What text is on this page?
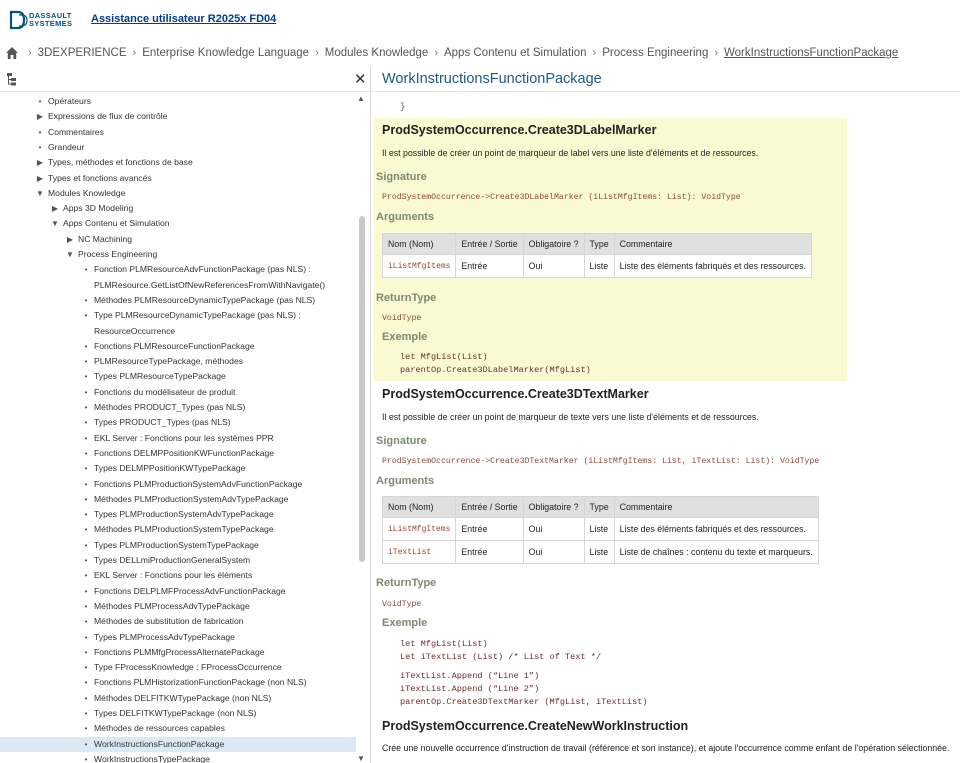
DASSAULT
SYSTEMES Assistance utilisateur R2025x FD04
› 3DEXPERIENCE › Enterprise Knowledge Language › Modules Knowledge › Apps Contenu et Simulation › Process Engineering › WorkInstructionsFunctionPackage
✕
• Opérateurs
▶ Expressions de flux de contrôle
• Commentaires
• Grandeur
▶ Types, méthodes et fonctions de base
▶ Types et fonctions avancés
▼ Modules Knowledge
▶ Apps 3D Modeling
▼ Apps Contenu et Simulation
▶ NC Machining
▼ Process Engineering
• Fonction PLMResourceAdvFunctionPackage (pas NLS) :
PLMResource.GetListOfNewReferencesFromWithNavigate()
• Méthodes PLMResourceDynamicTypePackage (pas NLS)
• Type PLMResourceDynamicTypePackage (pas NLS) :
ResourceOccurrence
• Fonctions PLMResourceFunctionPackage
• PLMResourceTypePackage, méthodes
• Types PLMResourceTypePackage
• Fonctions du modélisateur de produit
• Méthodes PRODUCT_Types (pas NLS)
• Types PRODUCT_Types (pas NLS)
• EKL Server : Fonctions pour les systèmes PPR
• Fonctions DELMPPositionKWFunctionPackage
• Types DELMPPositionKWTypePackage
• Fonctions PLMProductionSystemAdvFunctionPackage
• Méthodes PLMProductionSystemAdvTypePackage
• Types PLMProductionSystemAdvTypePackage
• Méthodes PLMProductionSystemTypePackage
• Types PLMProductionSystemTypePackage
• Types DELLmiProductionGeneralSystem
• EKL Server : Fonctions pour les éléments
• Fonctions DELPLMFProcessAdvFunctionPackage
• Méthodes PLMProcessAdvTypePackage
• Méthodes de substitution de fabrication
• Types PLMProcessAdvTypePackage
• Fonctions PLMMfgProcessAlternatePackage
• Type FProcessKnowledge : FProcessOccurrence
• Fonctions PLMHistorizationFunctionPackage (non NLS)
• Méthodes DELFITKWTypePackage (non NLS)
• Types DELFITKWTypePackage (non NLS)
• Méthodes de ressources capables
• WorkInstructionsFunctionPackage
• WorkInstructionsTypePackage
▲
▼
WorkInstructionsFunctionPackage
}
ProdSystemOccurrence.Create3DLabelMarker
Il est possible de créer un point de marqueur de label vers une liste d'éléments et de ressources.
Signature
ProdSystemOccurrence->Create3DLabelMarker (iListMfgItems: List): VoidType
Arguments
Nom (Nom)	Entrée / Sortie	Obligatoire ?	Type	Commentaire
iListMfgItems	Entrée	Oui	Liste	Liste des éléments fabriqués et des ressources.
ReturnType
VoidType
Exemple
let MfgList(List)
parentOp.Create3DLabelMarker(MfgList)
ProdSystemOccurrence.Create3DTextMarker
Il est possible de créer un point de marqueur de texte vers une liste d'éléments et de ressources.
Signature
ProdSystemOccurrence->Create3DTextMarker (iListMfgItems: List, iTextList: List): VoidType
Arguments
Nom (Nom)	Entrée / Sortie	Obligatoire ?	Type	Commentaire
iListMfgItems	Entrée	Oui	Liste	Liste des éléments fabriqués et des ressources.
iTextList	Entrée	Oui	Liste	Liste de chaînes : contenu du texte et marqueurs.
ReturnType
VoidType
Exemple
let MfgList(List)
Let iTextList (List) /* List of Text */
iTextList.Append (“Line 1”)
iTextList.Append (“Line 2”)
parentOp.Create3DTextMarker (MfgList, iTextList)
ProdSystemOccurrence.CreateNewWorkInstruction
Crée une nouvelle occurrence d'instruction de travail (référence et son instance), et ajoute l'occurrence comme enfant de l'opération sélectionnée.
